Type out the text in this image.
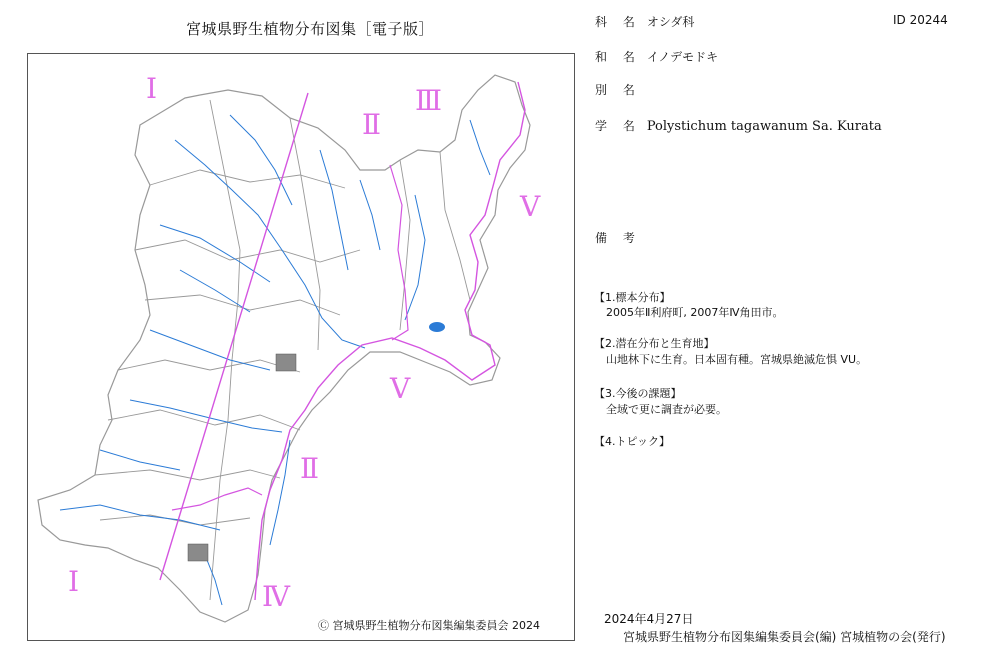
宮城県野生植物分布図集［電子版］
Ⅰ
Ⅱ
Ⅲ
Ⅴ
Ⅴ
Ⅱ
Ⅰ	Ⅳ
Ⓒ 宮城県野生植物分布図集編集委員会 2024
科 名 オシダ科	ID 20244
和 名 イノデモドキ
別 名
学 名 Polystichum tagawanum Sa. Kurata
備 考
【1.標本分布】
2005年Ⅱ利府町, 2007年Ⅳ角田市。
【2.潜在分布と生育地】
山地林下に生育。日本固有種。宮城県絶滅危惧 VU。
【3.今後の課題】
全域で更に調査が必要。
【4.トピック】
2024年4月27日
宮城県野生植物分布図集編集委員会(編) 宮城植物の会(発行)
